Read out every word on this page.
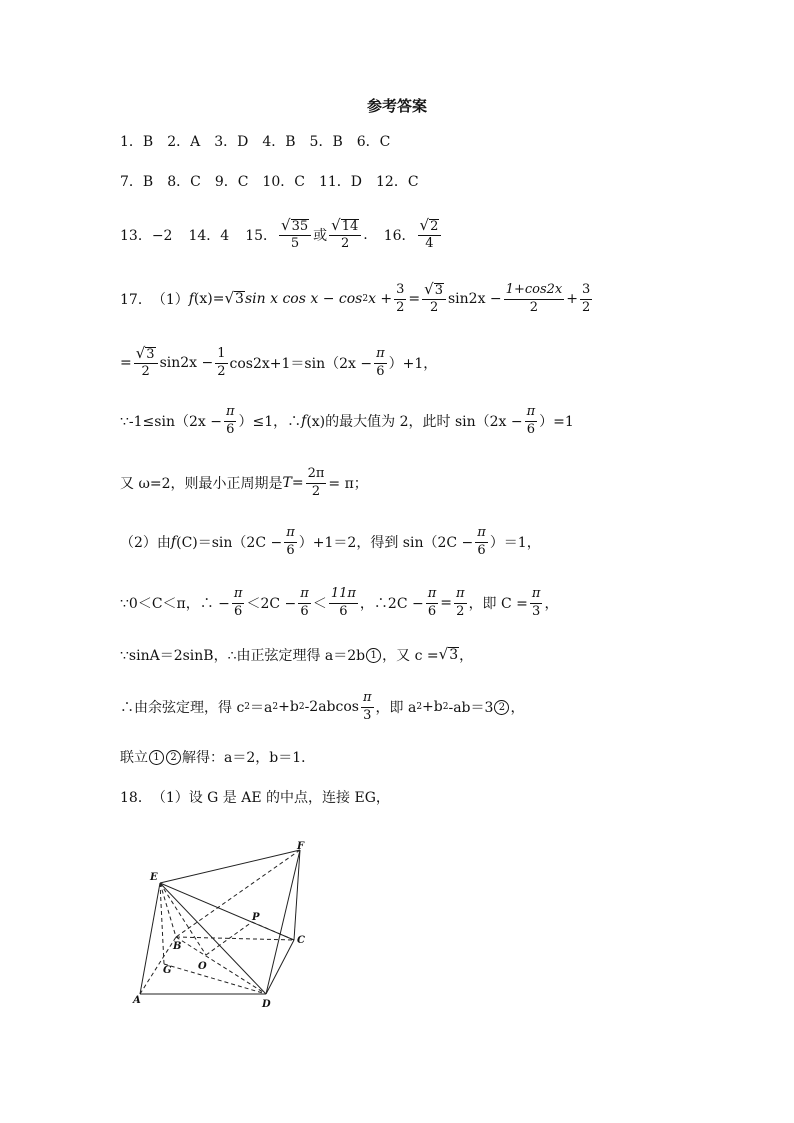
参考答案
1．B　2．A　3．D　4．B　5．B　6．C
7．B　8．C　9．C　10．C　11．D　12．C
13．−2 14．4 15． $\frac{√ 35}{5}$ 或 $\frac{√ 14}{2}$ . 16． $\frac{√ 2}{4}$
17．　（1） f (x) = √ 3 sin x cos x − cos 2 $x + \frac{3}{2} = \frac{√ 3}{2} \sin 2x - \frac{1+\cos 2x}{2} + \frac{3}{2}$
= $\frac{√ 3}{2} \sin 2x - \frac{1}{2} \cos 2x+1=\sin(2x - \frac{\pi}{6} )+1$，
∵-1≤sin（2x − $\frac{\pi}{6} )\le 1$，∴ f (x)的最大值为 2，此时 $\sin(2x - \frac{\pi}{6} )=1$
又 ω=2，则最小正周期是 $T = \frac{2\pi}{2} = \pi$；
（2）由 f $(C)=\sin(2C - \frac{\pi}{6} )+1=2$，得到 $\sin(2C - \frac{\pi}{6} )=1$，
∵0＜C＜π，∴ − $\frac{\pi}{6} <2C - \frac{\pi}{6} < \frac{11\pi}{6}$ ，∴2C − $\frac{\pi}{6} = \frac{\pi}{2}$ ，即 $C = \frac{\pi}{3}$ ，
∵sinA＝2sinB，∴由正弦定理得 a＝2b 1 ，又 c = √ 3 ，
∴由余弦定理，得 c 2 ＝a 2 +b 2 $-2abcos \frac{\pi}{3}$ ，即 a 2 +b 2 -ab＝3 2 ，
联立 1	2 解得：a＝2，b＝1．
18．　（1）设 G 是 AE 的中点，连接 EG，
E
F
P
B
C
G	O
A	D
